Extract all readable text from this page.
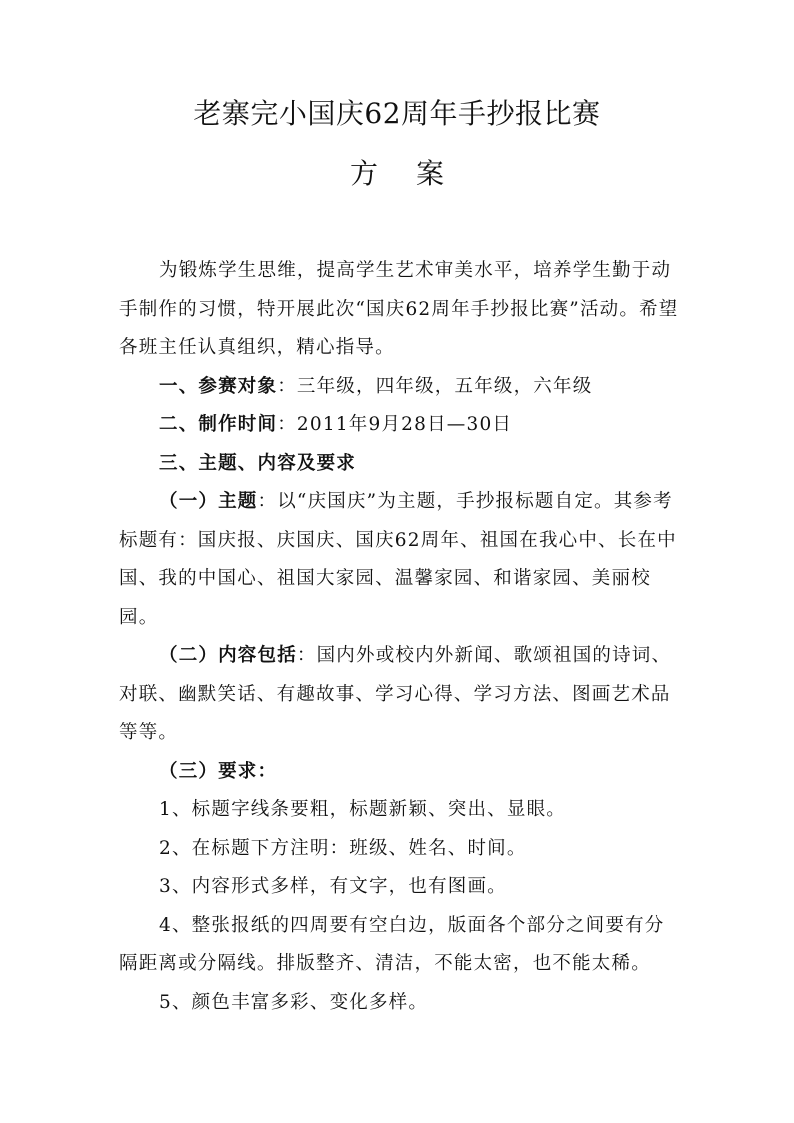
老寨完小国庆62周年手抄报比赛
方 案

为锻炼学生思维，提高学生艺术审美水平，培养学生勤于动手制作的习惯，特开展此次“国庆62周年手抄报比赛”活动。希望各班主任认真组织，精心指导。

一、参赛对象：三年级，四年级，五年级，六年级

二、制作时间：2011年9月28日—30日

三、主题、内容及要求

（一）主题：以“庆国庆”为主题，手抄报标题自定。其参考标题有：国庆报、庆国庆、国庆62周年、祖国在我心中、长在中国、我的中国心、祖国大家园、温馨家园、和谐家园、美丽校园。

（二）内容包括：国内外或校内外新闻、歌颂祖国的诗词、对联、幽默笑话、有趣故事、学习心得、学习方法、图画艺术品等等。

（三）要求：

1、标题字线条要粗，标题新颖、突出、显眼。

2、在标题下方注明：班级、姓名、时间。

3、内容形式多样，有文字，也有图画。

4、整张报纸的四周要有空白边，版面各个部分之间要有分隔距离或分隔线。排版整齐、清洁，不能太密，也不能太稀。

5、颜色丰富多彩、变化多样。
